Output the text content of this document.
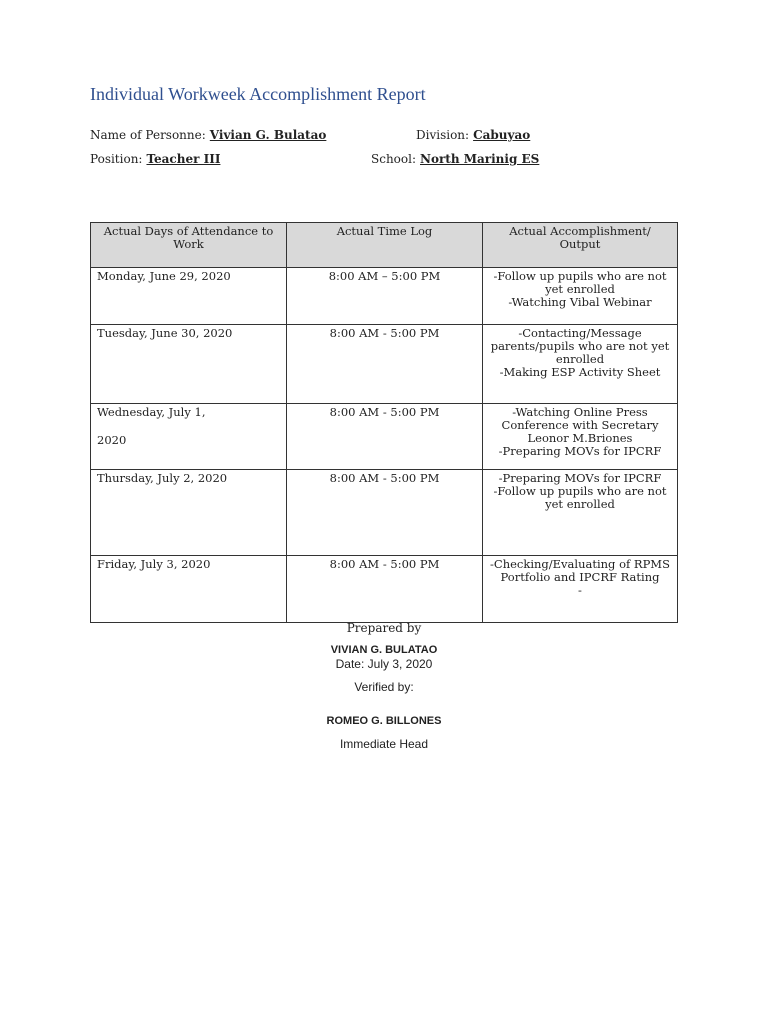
Individual Workweek Accomplishment Report
Name of Personne: Vivian G. Bulatao	Division: Cabuyao
Position: Teacher III	School: North Marinig ES
Actual Days of Attendance to Work	Actual Time Log	Actual Accomplishment/ Output

Monday, June 29, 2020	8:00 AM – 5:00 PM	-Follow up pupils who are not yet enrolled
-Watching Vibal Webinar

Tuesday, June 30, 2020	8:00 AM - 5:00 PM	-Contacting/Message parents/pupils who are not yet enrolled
-Making ESP Activity Sheet

Wednesday, July 1,
2020	8:00 AM - 5:00 PM	-Watching Online Press Conference with Secretary Leonor M.Briones
-Preparing MOVs for IPCRF

Thursday, July 2, 2020	8:00 AM - 5:00 PM	-Preparing MOVs for IPCRF
-Follow up pupils who are not yet enrolled

Friday, July 3, 2020	8:00 AM - 5:00 PM	-Checking/Evaluating of RPMS Portfolio and IPCRF Rating
-
Prepared by
VIVIAN G. BULATAO
Date: July 3, 2020
Verified by:
ROMEO G. BILLONES
Immediate Head
